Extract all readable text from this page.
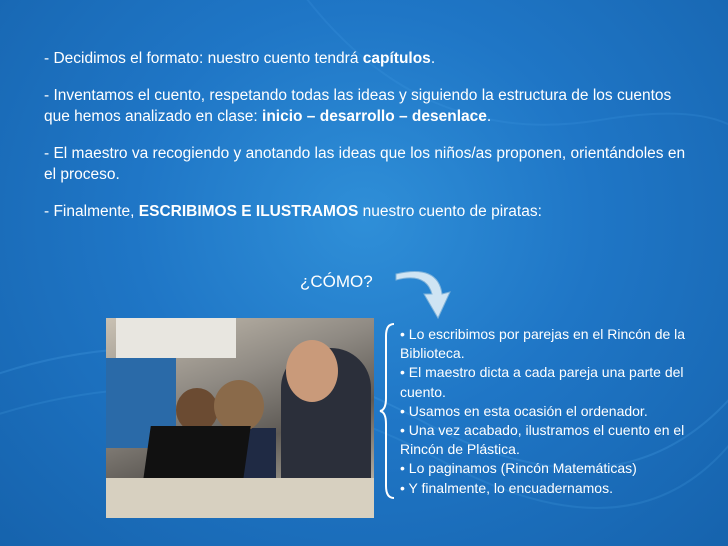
- Decidimos el formato: nuestro cuento tendrá capítulos.

- Inventamos el cuento, respetando todas las ideas y siguiendo la estructura de los cuentos que hemos analizado en clase: inicio – desarrollo – desenlace.

- El maestro va recogiendo y anotando las ideas que los niños/as proponen, orientándoles en el proceso.

- Finalmente, ESCRIBIMOS E ILUSTRAMOS nuestro cuento de piratas:

¿CÓMO?
• Lo escribimos por parejas en el Rincón de la Biblioteca.
• El maestro dicta a cada pareja una parte del cuento.
• Usamos en esta ocasión el ordenador.
• Una vez acabado, ilustramos el cuento en el Rincón de Plástica.
• Lo paginamos (Rincón Matemáticas)
• Y finalmente, lo encuadernamos.
